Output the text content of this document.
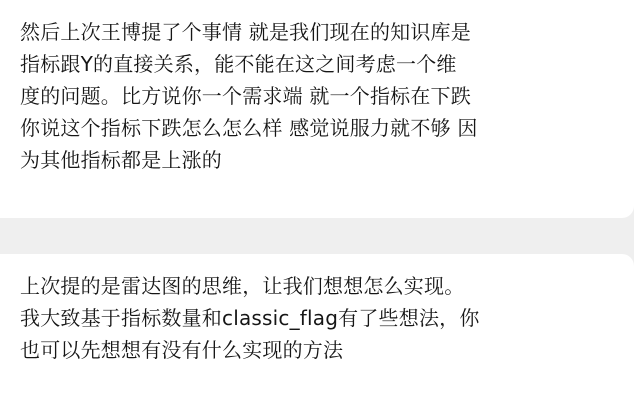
然后上次王博提了个事情 就是我们现在的知识库是
指标跟Y的直接关系，能不能在这之间考虑一个维
度的问题。比方说你一个需求端 就一个指标在下跌
你说这个指标下跌怎么怎么样 感觉说服力就不够 因
为其他指标都是上涨的
上次提的是雷达图的思维，让我们想想怎么实现。
我大致基于指标数量和classic_flag有了些想法，你
也可以先想想有没有什么实现的方法
